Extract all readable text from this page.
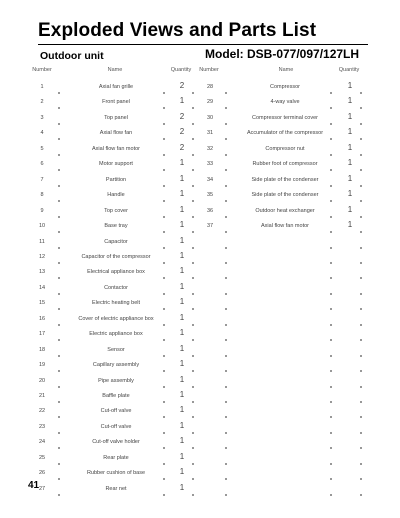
Exploded Views and Parts List
Outdoor unit	Model: DSB-077/097/127LH
Number	Name	Quantity	Number	Name	Quantity
1	Axial fan grille	2
2	Front panel	1
3	Top panel	2
4	Axial flow fan	2
5	Axial flow fan motor	2
6	Motor support	1
7	Partition	1
8	Handle	1
9	Top cover	1
10	Base tray	1
11	Capacitor	1
12	Capacitor of the compressor	1
13	Electrical appliance box	1
14	Contactor	1
15	Electric heating belt	1
16	Cover of electric appliance box	1
17	Electric appliance box	1
18	Sensor	1
19	Capillary assembly	1
20	Pipe assembly	1
21	Baffle plate	1
22	Cut-off valve	1
23	Cut-off valve	1
24	Cut-off valve holder	1
25	Rear plate	1
26	Rubber cushion of base	1
27	Rear net	1
28	Compressor	1
29	4-way valve	1
30	Compressor terminal cover	1
31	Accumulator of the compressor	1
32	Compressor nut	1
33	Rubber foot of compressor	1
34	Side plate of the condenser	1
35	Side plate of the condenser	1
36	Outdoor heat exchanger	1
37	Axial flow fan motor	1
41
